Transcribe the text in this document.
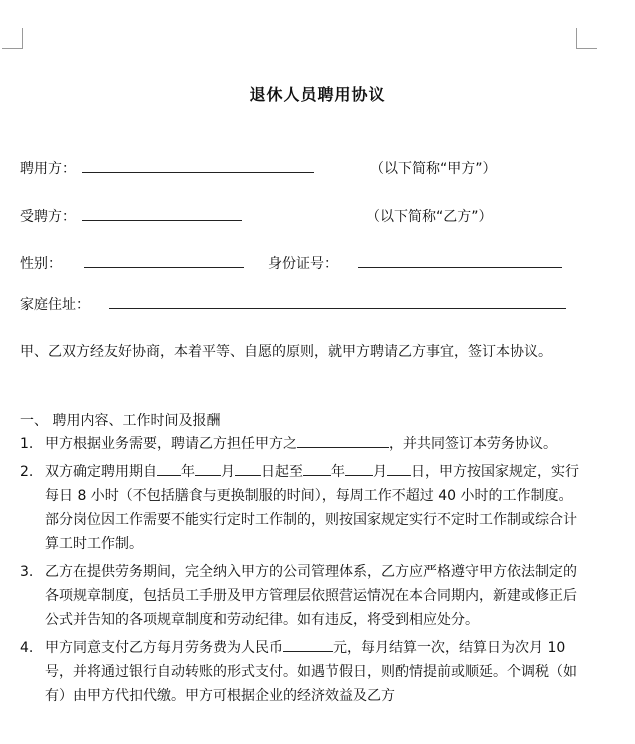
退休人员聘用协议
聘用方：	（以下简称“甲方”）
受聘方：	（以下简称“乙方”）
性别：	身份证号：
家庭住址：
甲、乙双方经友好协商，本着平等、自愿的原则，就甲方聘请乙方事宜，签订本协议。
一、 聘用内容、工作时间及报酬
1. 甲方根据业务需要，聘请乙方担任甲方之	，并共同签订本劳务协议。
2. 双方确定聘用期自 年 月 日起至 年 月 日，甲方按国家规定，实行每日 8 小时（不包括膳食与更换制服的时间），每周工作不超过 40 小时的工作制度。部分岗位因工作需要不能实行定时工作制的，则按国家规定实行不定时工作制或综合计算工时工作制。
3. 乙方在提供劳务期间，完全纳入甲方的公司管理体系，乙方应严格遵守甲方依法制定的各项规章制度，包括员工手册及甲方管理层依照营运情况在本合同期内，新建或修正后公式并告知的各项规章制度和劳动纪律。如有违反，将受到相应处分。
4. 甲方同意支付乙方每月劳务费为人民币	元，每月结算一次，结算日为次月 10 号，并将通过银行自动转账的形式支付。如遇节假日，则酌情提前或顺延。个调税（如有）由甲方代扣代缴。甲方可根据企业的经济效益及乙方
